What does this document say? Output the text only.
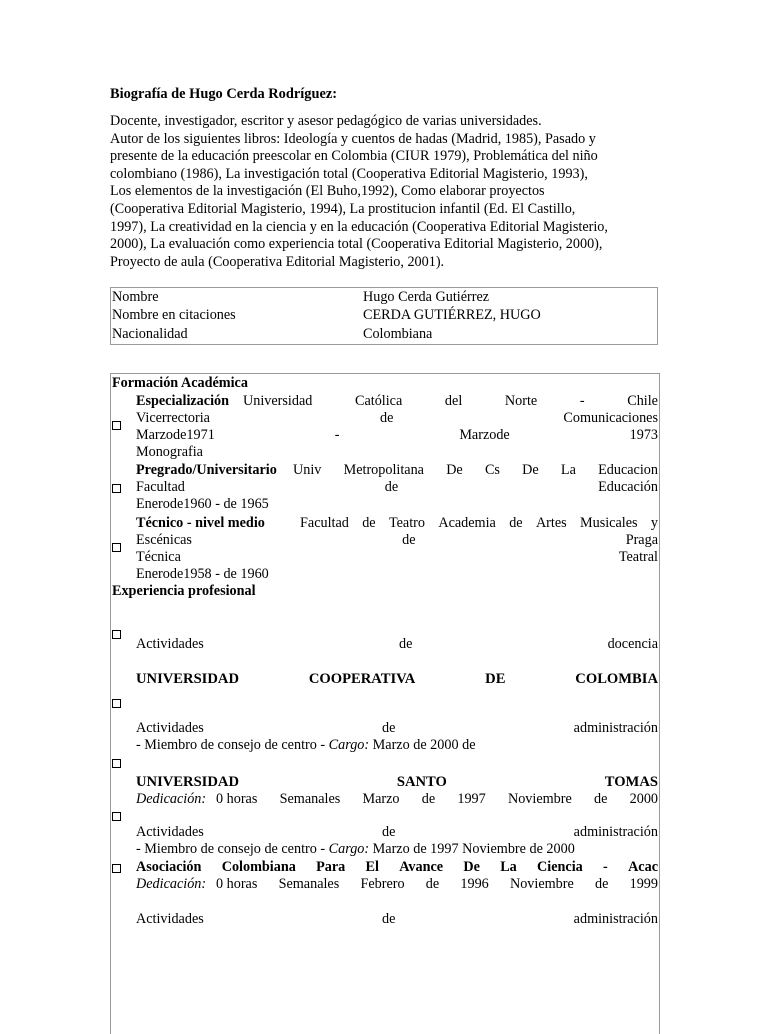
Biografía de Hugo Cerda Rodríguez:
Docente, investigador, escritor y asesor pedagógico de varias universidades.
Autor de los siguientes libros: Ideología y cuentos de hadas (Madrid, 1985), Pasado y
presente de la educación preescolar en Colombia (CIUR 1979), Problemática del niño
colombiano (1986), La investigación total (Cooperativa Editorial Magisterio, 1993),
Los elementos de la investigación (El Buho,1992), Como elaborar proyectos
(Cooperativa Editorial Magisterio, 1994), La prostitucion infantil (Ed. El Castillo,
1997), La creatividad en la ciencia y en la educación (Cooperativa Editorial Magisterio,
2000), La evaluación como experiencia total (Cooperativa Editorial Magisterio, 2000),
Proyecto de aula (Cooperativa Editorial Magisterio, 2001).
Nombre	Hugo Cerda Gutiérrez
Nombre en citaciones	CERDA GUTIÉRREZ, HUGO
Nacionalidad	Colombiana
Formación Académica
Especialización Universidad	Católica	del	Norte	-	Chile
Vicerrectoria	de	Comunicaciones
Marzode1971	-	Marzode	1973
Monografia
Pregrado/Universitario Univ Metropolitana De Cs De La Educacion
Facultad	de	Educación
Enerode1960 - de 1965
Técnico - nivel medio Facultad de Teatro Academia de Artes Musicales y
Escénicas	de	Praga
Técnica	Teatral
Enerode1958 - de 1960
Experiencia profesional
Actividades	de	docencia
UNIVERSIDAD	COOPERATIVA	DE	COLOMBIA
Actividades	de	administración
- Miembro de consejo de centro - Cargo: Marzo de 2000 de
UNIVERSIDAD	SANTO	TOMAS
Dedicación: 0 horas Semanales Marzo de 1997 Noviembre de 2000
Actividades	de	administración
- Miembro de consejo de centro - Cargo: Marzo de 1997 Noviembre de 2000
Asociación Colombiana Para El Avance De La Ciencia - Acac
Dedicación: 0 horas Semanales Febrero de 1996 Noviembre de 1999
Actividades	de	administración
